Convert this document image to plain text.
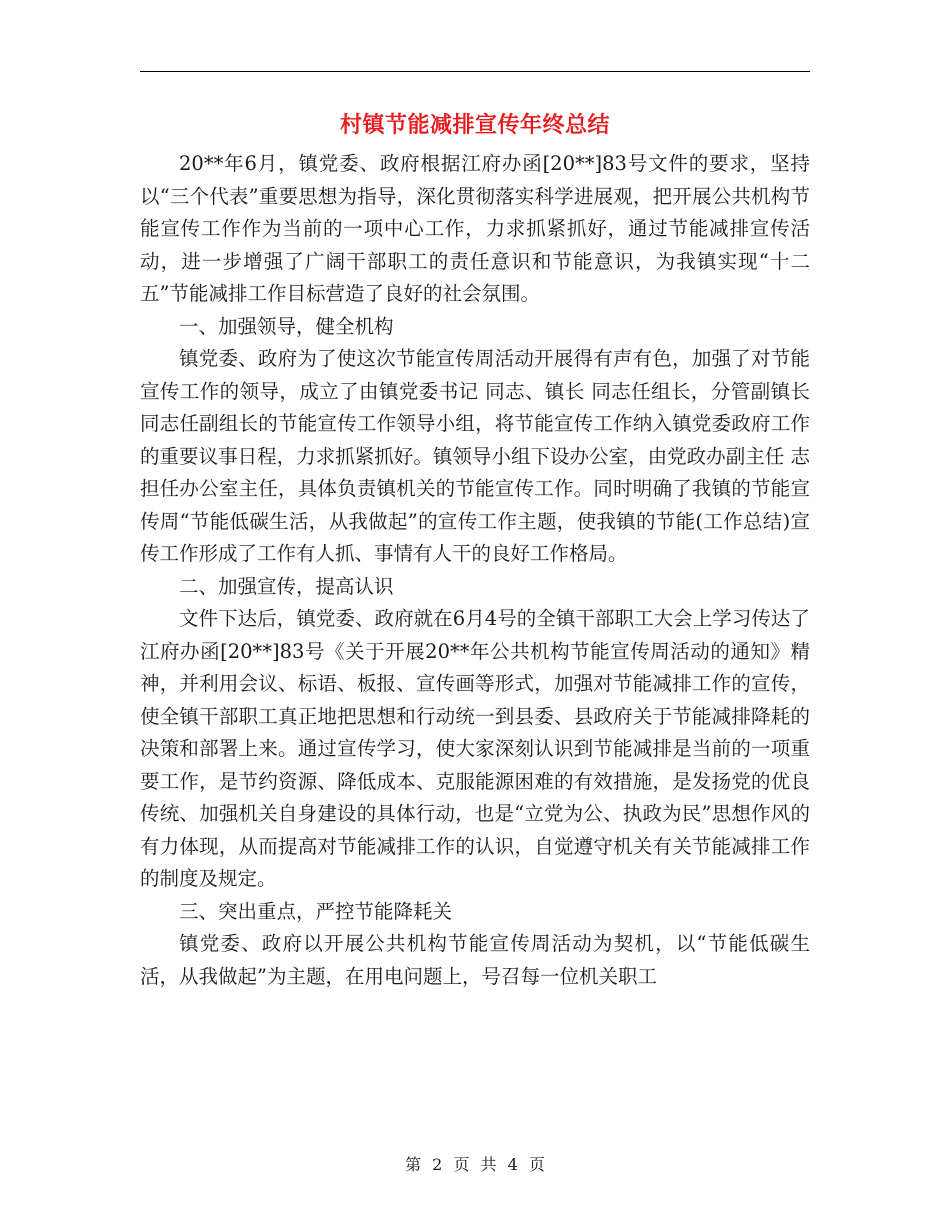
村镇节能减排宣传年终总结

20**年6月，镇党委、政府根据江府办函[20**]83号文件的要求，坚持以“三个代表”重要思想为指导，深化贯彻落实科学进展观，把开展公共机构节能宣传工作作为当前的一项中心工作，力求抓紧抓好，通过节能减排宣传活动，进一步增强了广阔干部职工的责任意识和节能意识，为我镇实现“十二五”节能减排工作目标营造了良好的社会氛围。

一、加强领导，健全机构

镇党委、政府为了使这次节能宣传周活动开展得有声有色，加强了对节能宣传工作的领导，成立了由镇党委书记 同志、镇长 同志任组长，分管副镇长 同志任副组长的节能宣传工作领导小组，将节能宣传工作纳入镇党委政府工作的重要议事日程，力求抓紧抓好。镇领导小组下设办公室，由党政办副主任 志担任办公室主任，具体负责镇机关的节能宣传工作。同时明确了我镇的节能宣传周“节能低碳生活，从我做起”的宣传工作主题，使我镇的节能(工作总结)宣传工作形成了工作有人抓、事情有人干的良好工作格局。

二、加强宣传，提高认识

文件下达后，镇党委、政府就在6月4号的全镇干部职工大会上学习传达了江府办函[20**]83号《关于开展20**年公共机构节能宣传周活动的通知》精神，并利用会议、标语、板报、宣传画等形式，加强对节能减排工作的宣传，使全镇干部职工真正地把思想和行动统一到县委、县政府关于节能减排降耗的决策和部署上来。通过宣传学习，使大家深刻认识到节能减排是当前的一项重要工作，是节约资源、降低成本、克服能源困难的有效措施，是发扬党的优良传统、加强机关自身建设的具体行动，也是“立党为公、执政为民”思想作风的有力体现，从而提高对节能减排工作的认识，自觉遵守机关有关节能减排工作的制度及规定。

三、突出重点，严控节能降耗关

镇党委、政府以开展公共机构节能宣传周活动为契机，以“节能低碳生活，从我做起”为主题，在用电问题上，号召每一位机关职工

第 2 页 共 4 页
